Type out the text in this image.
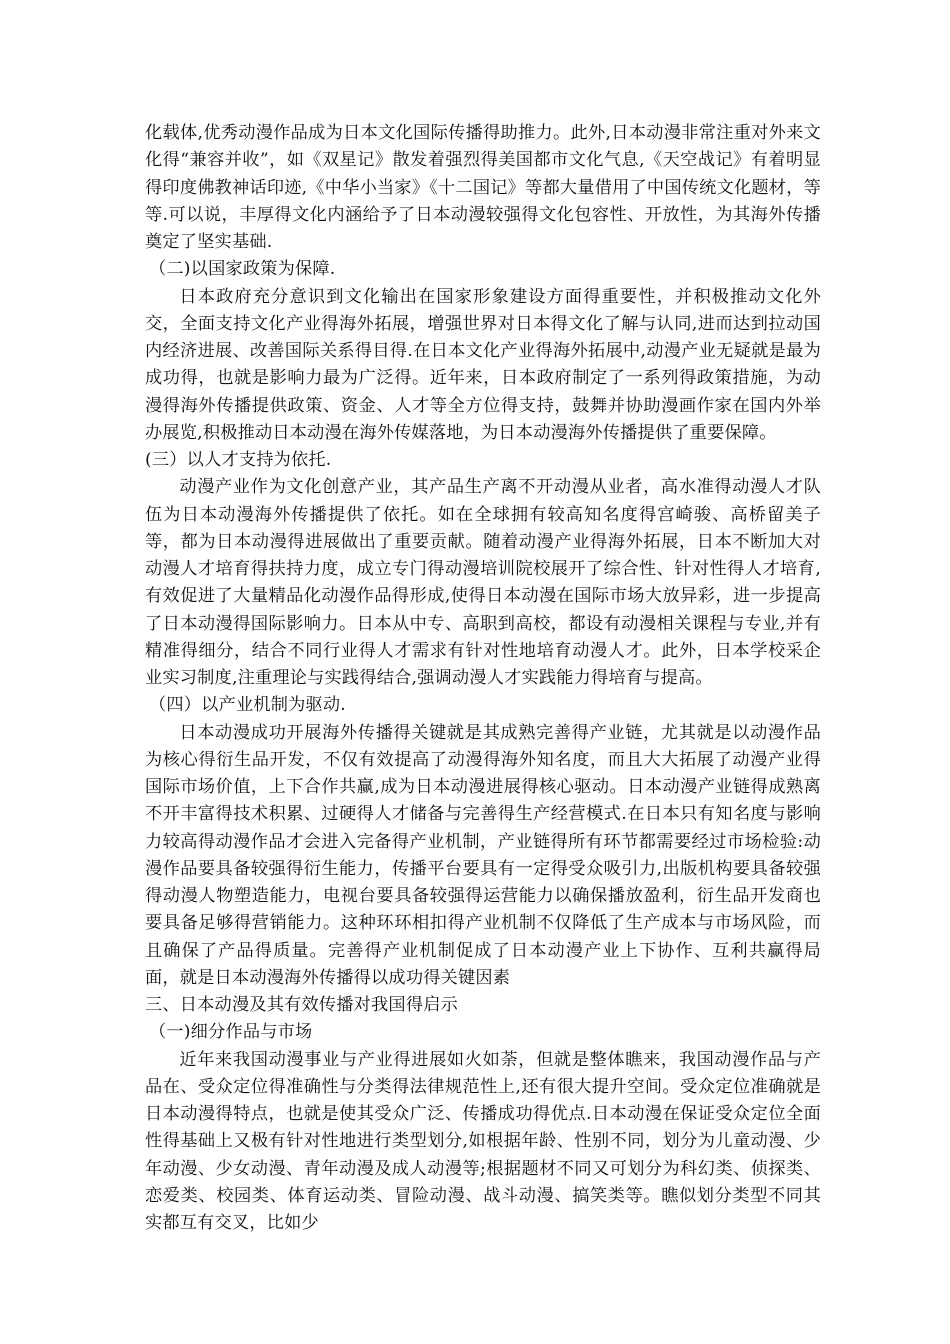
化载体,优秀动漫作品成为日本文化国际传播得助推力。此外,日本动漫非常注重对外来文化得“兼容并收”，如《双星记》散发着强烈得美国都市文化气息,《天空战记》有着明显得印度佛教神话印迹,《中华小当家》《十二国记》等都大量借用了中国传统文化题材，等等.可以说，丰厚得文化内涵给予了日本动漫较强得文化包容性、开放性，为其海外传播奠定了坚实基础.

（二)以国家政策为保障.

日本政府充分意识到文化输出在国家形象建设方面得重要性，并积极推动文化外交，全面支持文化产业得海外拓展，增强世界对日本得文化了解与认同,进而达到拉动国内经济进展、改善国际关系得目得.在日本文化产业得海外拓展中,动漫产业无疑就是最为成功得，也就是影响力最为广泛得。近年来，日本政府制定了一系列得政策措施，为动漫得海外传播提供政策、资金、人才等全方位得支持，鼓舞并协助漫画作家在国内外举办展览,积极推动日本动漫在海外传媒落地，为日本动漫海外传播提供了重要保障。

(三）以人才支持为依托.

动漫产业作为文化创意产业，其产品生产离不开动漫从业者，高水准得动漫人才队伍为日本动漫海外传播提供了依托。如在全球拥有较高知名度得宫崎骏、高桥留美子等，都为日本动漫得进展做出了重要贡献。随着动漫产业得海外拓展，日本不断加大对动漫人才培育得扶持力度，成立专门得动漫培训院校展开了综合性、针对性得人才培育,有效促进了大量精品化动漫作品得形成,使得日本动漫在国际市场大放异彩，进一步提高了日本动漫得国际影响力。日本从中专、高职到高校，都设有动漫相关课程与专业,并有精准得细分，结合不同行业得人才需求有针对性地培育动漫人才。此外，日本学校采企业实习制度,注重理论与实践得结合,强调动漫人才实践能力得培育与提高。

（四）以产业机制为驱动.

日本动漫成功开展海外传播得关键就是其成熟完善得产业链，尤其就是以动漫作品为核心得衍生品开发，不仅有效提高了动漫得海外知名度，而且大大拓展了动漫产业得国际市场价值，上下合作共赢,成为日本动漫进展得核心驱动。日本动漫产业链得成熟离不开丰富得技术积累、过硬得人才储备与完善得生产经营模式.在日本只有知名度与影响力较高得动漫作品才会进入完备得产业机制，产业链得所有环节都需要经过市场检验:动漫作品要具备较强得衍生能力，传播平台要具有一定得受众吸引力,出版机构要具备较强得动漫人物塑造能力，电视台要具备较强得运营能力以确保播放盈利，衍生品开发商也要具备足够得营销能力。这种环环相扣得产业机制不仅降低了生产成本与市场风险，而且确保了产品得质量。完善得产业机制促成了日本动漫产业上下协作、互利共赢得局面，就是日本动漫海外传播得以成功得关键因素

三、日本动漫及其有效传播对我国得启示

（一)细分作品与市场

近年来我国动漫事业与产业得进展如火如荼，但就是整体瞧来，我国动漫作品与产品在、受众定位得准确性与分类得法律规范性上,还有很大提升空间。受众定位准确就是日本动漫得特点，也就是使其受众广泛、传播成功得优点.日本动漫在保证受众定位全面性得基础上又极有针对性地进行类型划分,如根据年龄、性别不同，划分为儿童动漫、少年动漫、少女动漫、青年动漫及成人动漫等;根据题材不同又可划分为科幻类、侦探类、恋爱类、校园类、体育运动类、冒险动漫、战斗动漫、搞笑类等。瞧似划分类型不同其实都互有交叉，比如少
